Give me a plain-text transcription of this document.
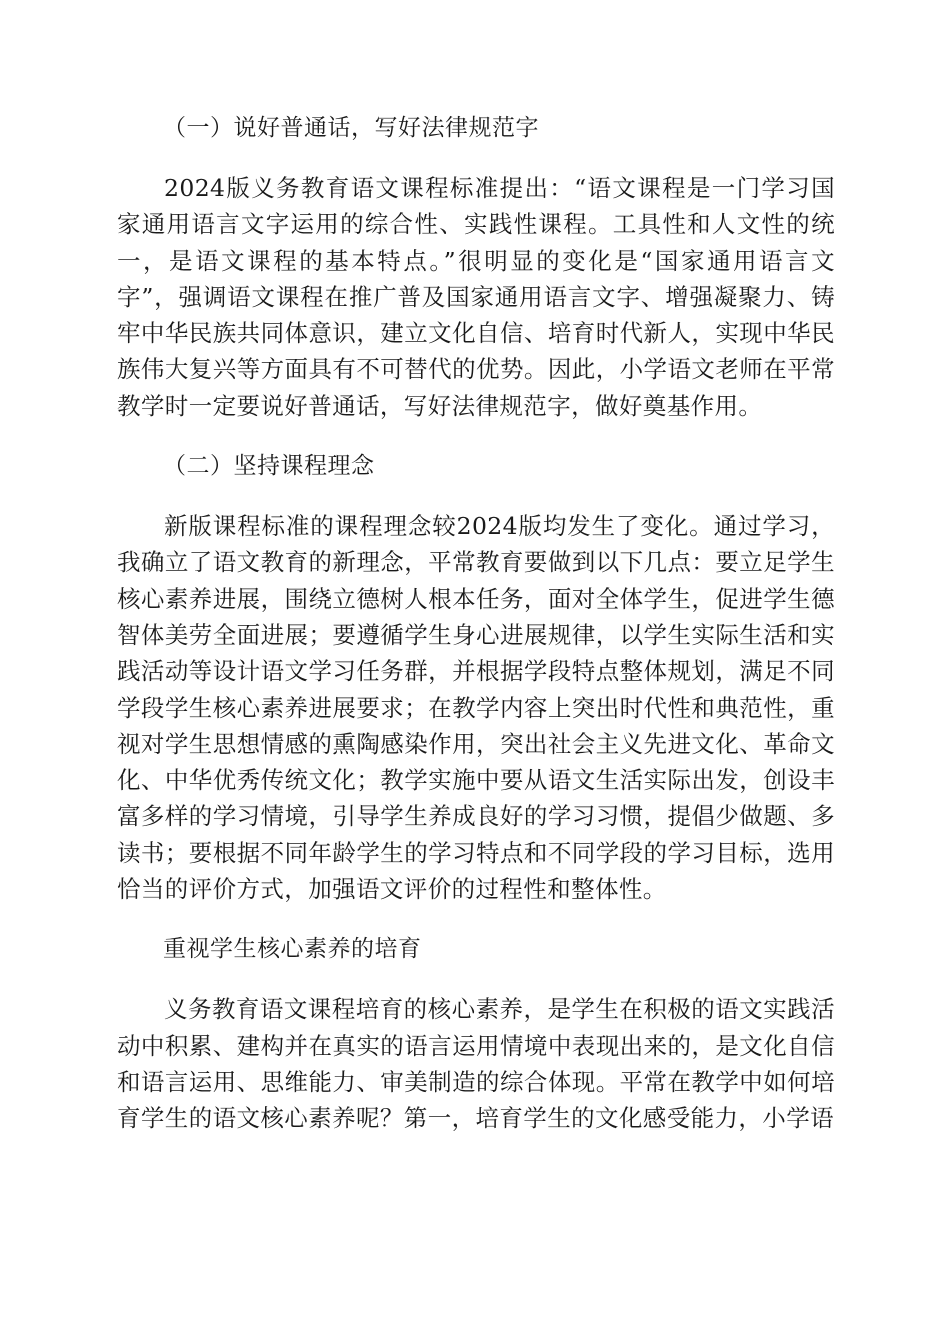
（一）说好普通话，写好法律规范字

2024版义务教育语文课程标准提出：“语文课程是一门学习国家通用语言文字运用的综合性、实践性课程。工具性和人文性的统一，是语文课程的基本特点。”很明显的变化是“国家通用语言文字”，强调语文课程在推广普及国家通用语言文字、增强凝聚力、铸牢中华民族共同体意识，建立文化自信、培育时代新人，实现中华民族伟大复兴等方面具有不可替代的优势。因此，小学语文老师在平常教学时一定要说好普通话，写好法律规范字，做好奠基作用。

（二）坚持课程理念

新版课程标准的课程理念较2024版均发生了变化。通过学习，我确立了语文教育的新理念，平常教育要做到以下几点：要立足学生核心素养进展，围绕立德树人根本任务，面对全体学生，促进学生德智体美劳全面进展；要遵循学生身心进展规律，以学生实际生活和实践活动等设计语文学习任务群，并根据学段特点整体规划，满足不同学段学生核心素养进展要求；在教学内容上突出时代性和典范性，重视对学生思想情感的熏陶感染作用，突出社会主义先进文化、革命文化、中华优秀传统文化；教学实施中要从语文生活实际出发，创设丰富多样的学习情境，引导学生养成良好的学习习惯，提倡少做题、多读书；要根据不同年龄学生的学习特点和不同学段的学习目标，选用恰当的评价方式，加强语文评价的过程性和整体性。

重视学生核心素养的培育

义务教育语文课程培育的核心素养，是学生在积极的语文实践活动中积累、建构并在真实的语言运用情境中表现出来的，是文化自信和语言运用、思维能力、审美制造的综合体现。平常在教学中如何培育学生的语文核心素养呢？第一，培育学生的文化感受能力，小学语
